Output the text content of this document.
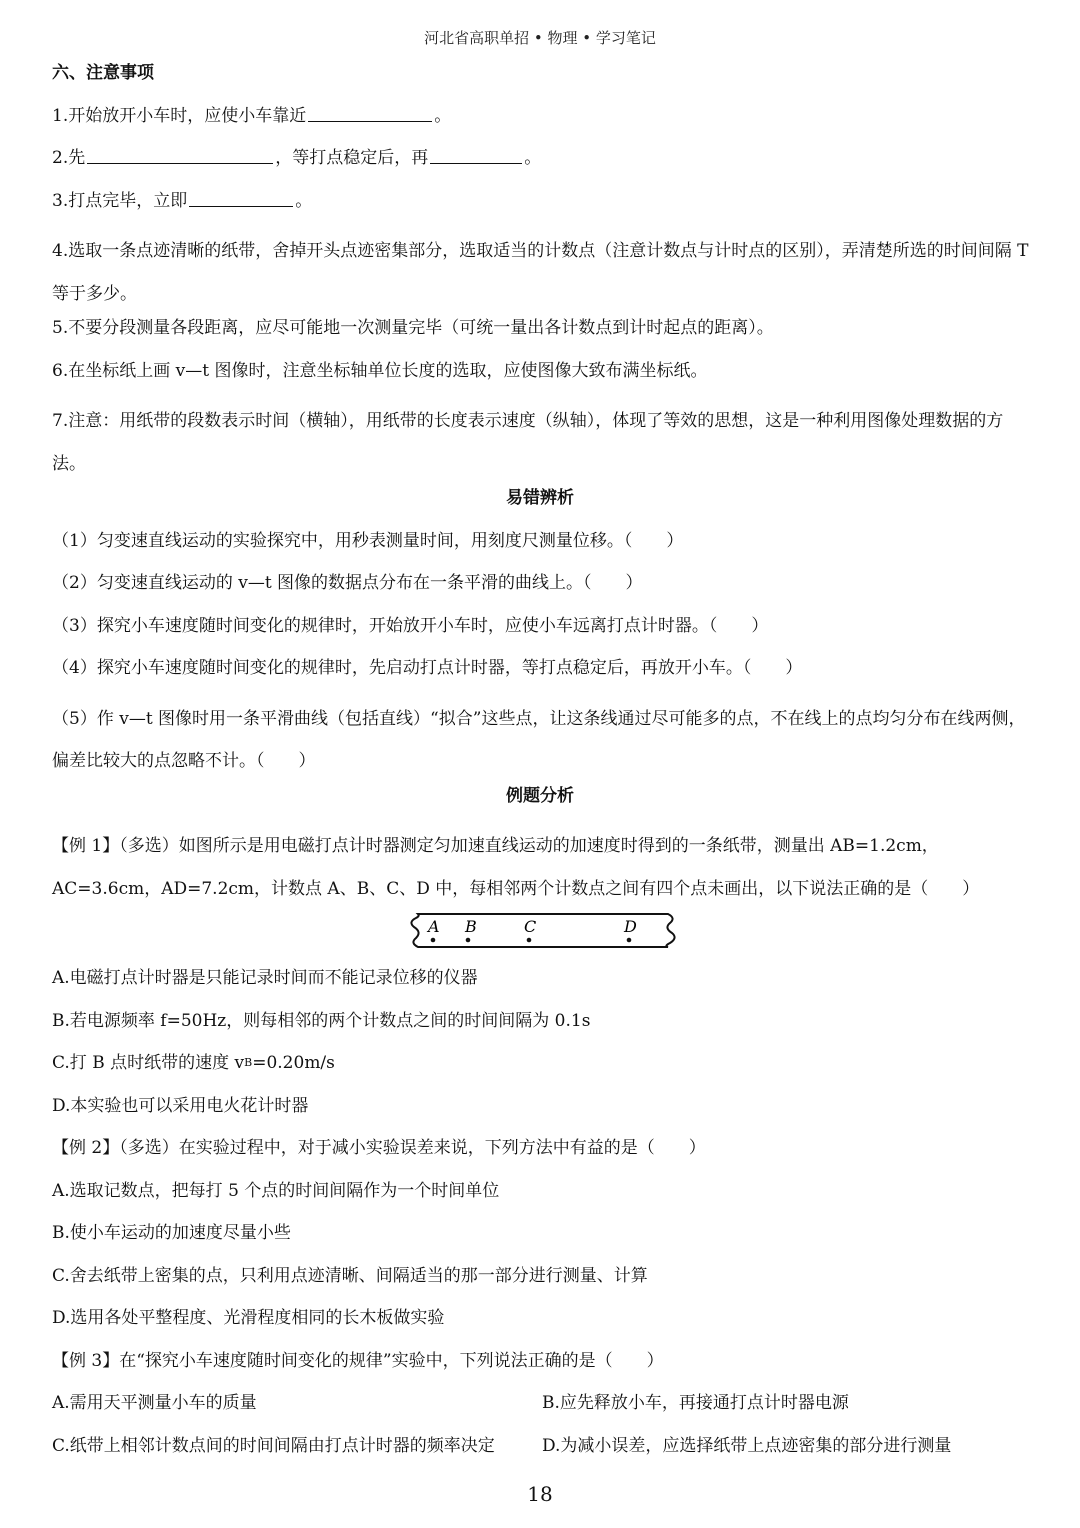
河北省高职单招 • 物理 • 学习笔记
六、注意事项
1.开始放开小车时，应使小车靠近	。
2.先	，等打点稳定后，再	。
3.打点完毕，立即	。

4.选取一条点迹清晰的纸带，舍掉开头点迹密集部分，选取适当的计数点（注意计数点与计时点的区别），弄清楚所选的时间间隔 T 等于多少。

5.不要分段测量各段距离，应尽可能地一次测量完毕（可统一量出各计数点到计时起点的距离）。
6.在坐标纸上画 v—t 图像时，注意坐标轴单位长度的选取，应使图像大致布满坐标纸。

7.注意：用纸带的段数表示时间（横轴），用纸带的长度表示速度（纵轴），体现了等效的思想，这是一种利用图像处理数据的方法。

易错辨析
（1）匀变速直线运动的实验探究中，用秒表测量时间，用刻度尺测量位移。（　　）
（2）匀变速直线运动的 v—t 图像的数据点分布在一条平滑的曲线上。（　　）
（3）探究小车速度随时间变化的规律时，开始放开小车时，应使小车远离打点计时器。（　　）
（4）探究小车速度随时间变化的规律时，先启动打点计时器，等打点稳定后，再放开小车。（　　）

（5）作 v—t 图像时用一条平滑曲线（包括直线）“拟合”这些点，让这条线通过尽可能多的点，不在线上的点均匀分布在线两侧，偏差比较大的点忽略不计。（　　）

例题分析

【例 1】（多选）如图所示是用电磁打点计时器测定匀加速直线运动的加速度时得到的一条纸带，测量出 AB=1.2cm，AC=3.6cm，AD=7.2cm，计数点 A、B、C、D 中，每相邻两个计数点之间有四个点未画出，以下说法正确的是（　　）

A B	C	D
A.电磁打点计时器是只能记录时间而不能记录位移的仪器
B.若电源频率 f=50Hz，则每相邻的两个计数点之间的时间间隔为 0.1s
C.打 B 点时纸带的速度 v B =0.20m/s
D.本实验也可以采用电火花计时器
【例 2】（多选）在实验过程中，对于减小实验误差来说，下列方法中有益的是（　　）
A.选取记数点，把每打 5 个点的时间间隔作为一个时间单位
B.使小车运动的加速度尽量小些
C.舍去纸带上密集的点，只利用点迹清晰、间隔适当的那一部分进行测量、计算
D.选用各处平整程度、光滑程度相同的长木板做实验
【例 3】在“探究小车速度随时间变化的规律”实验中，下列说法正确的是（　　）
A.需用天平测量小车的质量	B.应先释放小车，再接通打点计时器电源
C.纸带上相邻计数点间的时间间隔由打点计时器的频率决定	D.为减小误差，应选择纸带上点迹密集的部分进行测量
18
